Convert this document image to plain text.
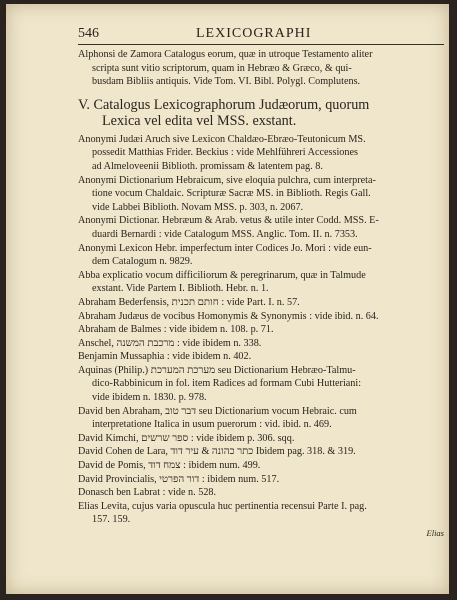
546	LEXICOGRAPHI
Alphonsi de Zamora Catalogus eorum, quæ in utroque Testamento aliter
scripta sunt vitio scriptorum, quam in Hebræo & Græco, & qui-
busdam Bibliis antiquis. Vide Tom. VI. Bibl. Polygl. Complutens.
V. Catalogus Lexicographorum Judæorum, quorum
Lexica vel edita vel MSS. exstant.
Anonymi Judæi Aruch sive Lexicon Chaldæo-Ebræo-Teutonicum MS.
possedit Matthias Frider. Beckius : vide Mehlführeri Accessiones
ad Almeloveenii Biblioth. promissam & latentem pag. 8.
Anonymi Dictionarium Hebraicum, sive eloquia pulchra, cum interpreta-
tione vocum Chaldaic. Scripturæ Sacræ MS. in Biblioth. Regis Gall.
vide Labbei Biblioth. Novam MSS. p. 303, n. 2067.
Anonymi Dictionar. Hebræum & Arab. vetus & utile inter Codd. MSS. E-
duardi Bernardi : vide Catalogum MSS. Anglic. Tom. II. n. 7353.
Anonymi Lexicon Hebr. imperfectum inter Codices Jo. Mori : vide eun-
dem Catalogum n. 9829.
Abba explicatio vocum difficiliorum & peregrinarum, quæ in Talmude
exstant. Vide Partem I. Biblioth. Hebr. n. 1.
Abraham Bederfensis, חותם תכנית : vide Part. I. n. 57.
Abraham Judæus de vocibus Homonymis & Synonymis : vide ibid. n. 64.
Abraham de Balmes : vide ibidem n. 108. p. 71.
Anschel, מרכבת המשנה : vide ibidem n. 338.
Benjamin Mussaphia : vide ibidem n. 402.
Aquinas (Philip.) מערכת המערכת seu Dictionarium Hebræo-Talmu-
dico-Rabbinicum in fol. item Radices ad formam Cubi Hutteriani:
vide ibidem n. 1830. p. 978.
David ben Abraham, דבר טוב seu Dictionarium vocum Hebraic. cum
interpretatione Italica in usum puerorum : vid. ibid. n. 469.
David Kimchi, ספר שרשים : vide ibidem p. 306. sqq.
David Cohen de Lara, כתר כהונה & עיר דוד Ibidem pag. 318. & 319.
David de Pomis, צמח דוד : ibidem num. 499.
David Provincialis, דור הפרטי : ibidem num. 517.
Donasch ben Labrat : vide n. 528.
Elias Levita, cujus varia opuscula huc pertinentia recensui Parte I. pag.
157. 159.
Elias
